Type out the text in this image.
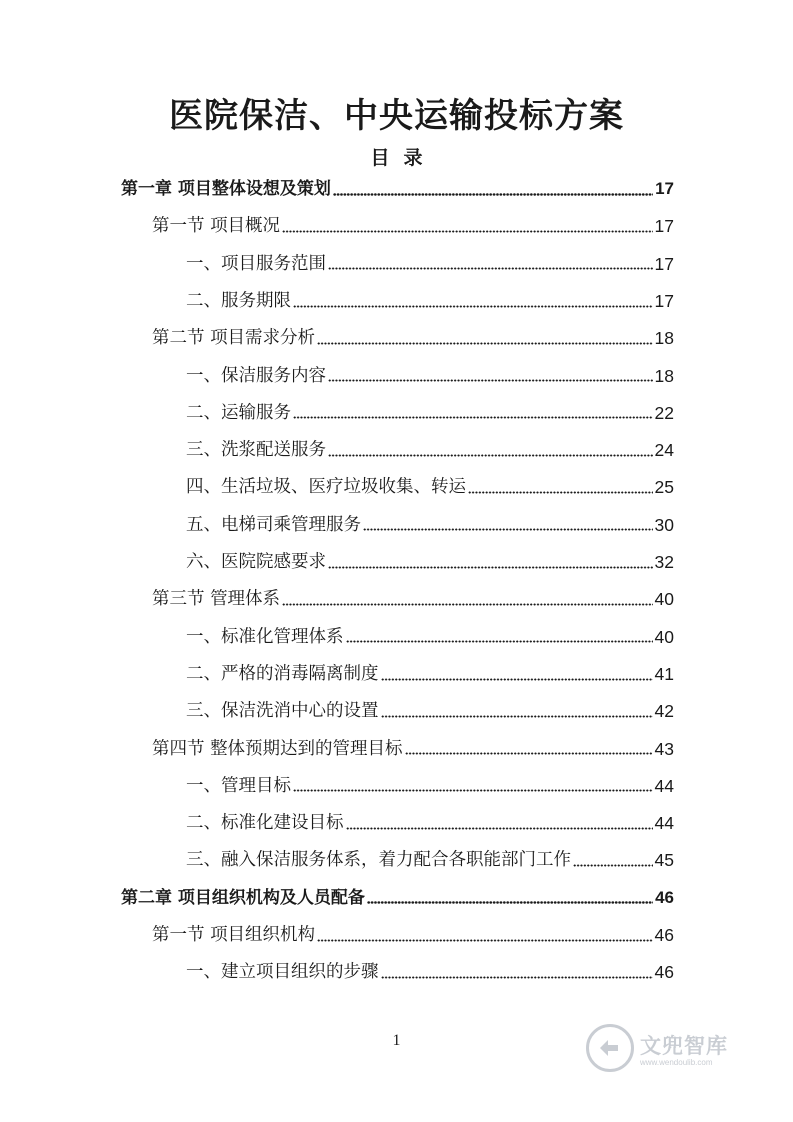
医院保洁、中央运输投标方案
目录
第一章 项目整体设想及策划	17
第一节 项目概况	17
一、项目服务范围	17
二、服务期限	17
第二节 项目需求分析	18
一、保洁服务内容	18
二、运输服务	22
三、洗浆配送服务	24
四、生活垃圾、医疗垃圾收集、转运	25
五、电梯司乘管理服务	30
六、医院院感要求	32
第三节 管理体系	40
一、标准化管理体系	40
二、严格的消毒隔离制度	41
三、保洁洗消中心的设置	42
第四节 整体预期达到的管理目标	43
一、管理目标	44
二、标准化建设目标	44
三、融入保洁服务体系，着力配合各职能部门工作	45
第二章 项目组织机构及人员配备	46
第一节 项目组织机构	46
一、建立项目组织的步骤	46
1	文兜智库
www.wendoulib.com
